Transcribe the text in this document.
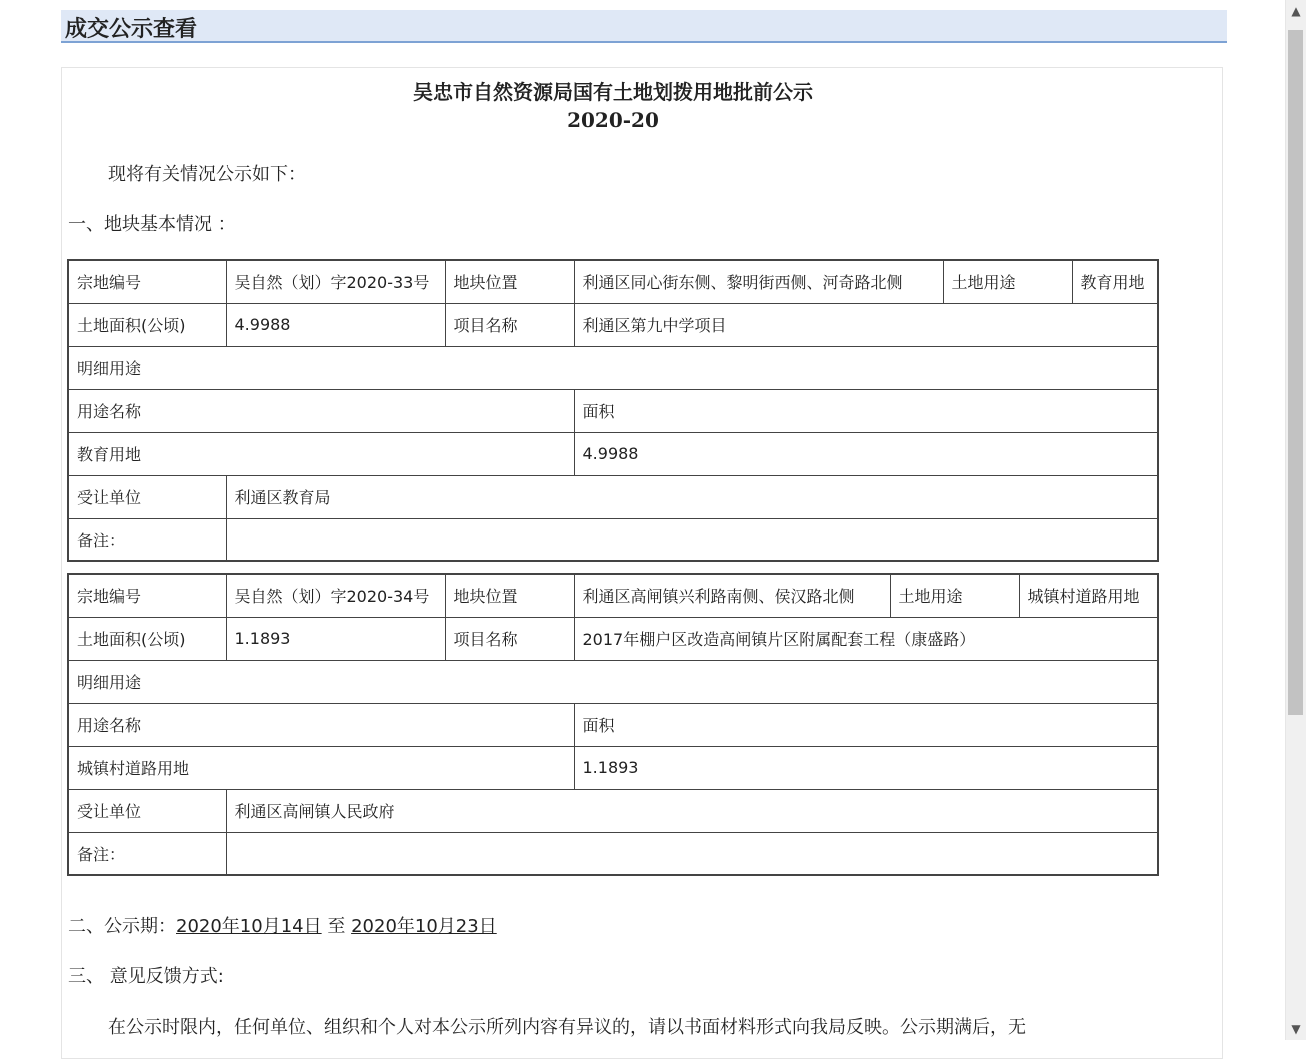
成交公示查看
吴忠市自然资源局国有土地划拨用地批前公示
2020-20
现将有关情况公示如下：
一、地块基本情况 ：
宗地编号	吴自然（划）字2020-33号	地块位置	利通区同心街东侧、黎明街西侧、河奇路北侧	土地用途	教育用地
土地面积(公顷)	4.9988	项目名称	利通区第九中学项目		
明细用途					
用途名称			面积		
教育用地			4.9988		
受让单位	利通区教育局				
备注：					
宗地编号	吴自然（划）字2020-34号	地块位置	利通区高闸镇兴利路南侧、侯汉路北侧	土地用途	城镇村道路用地
土地面积(公顷)	1.1893	项目名称	2017年棚户区改造高闸镇片区附属配套工程（康盛路）		
明细用途					
用途名称			面积		
城镇村道路用地			1.1893		
受让单位	利通区高闸镇人民政府				
备注：					
二、公示期：2020年10月14日 至 2020年10月23日
三、 意见反馈方式:
在公示时限内，任何单位、组织和个人对本公示所列内容有异议的，请以书面材料形式向我局反映。公示期满后，无
▲
▼
